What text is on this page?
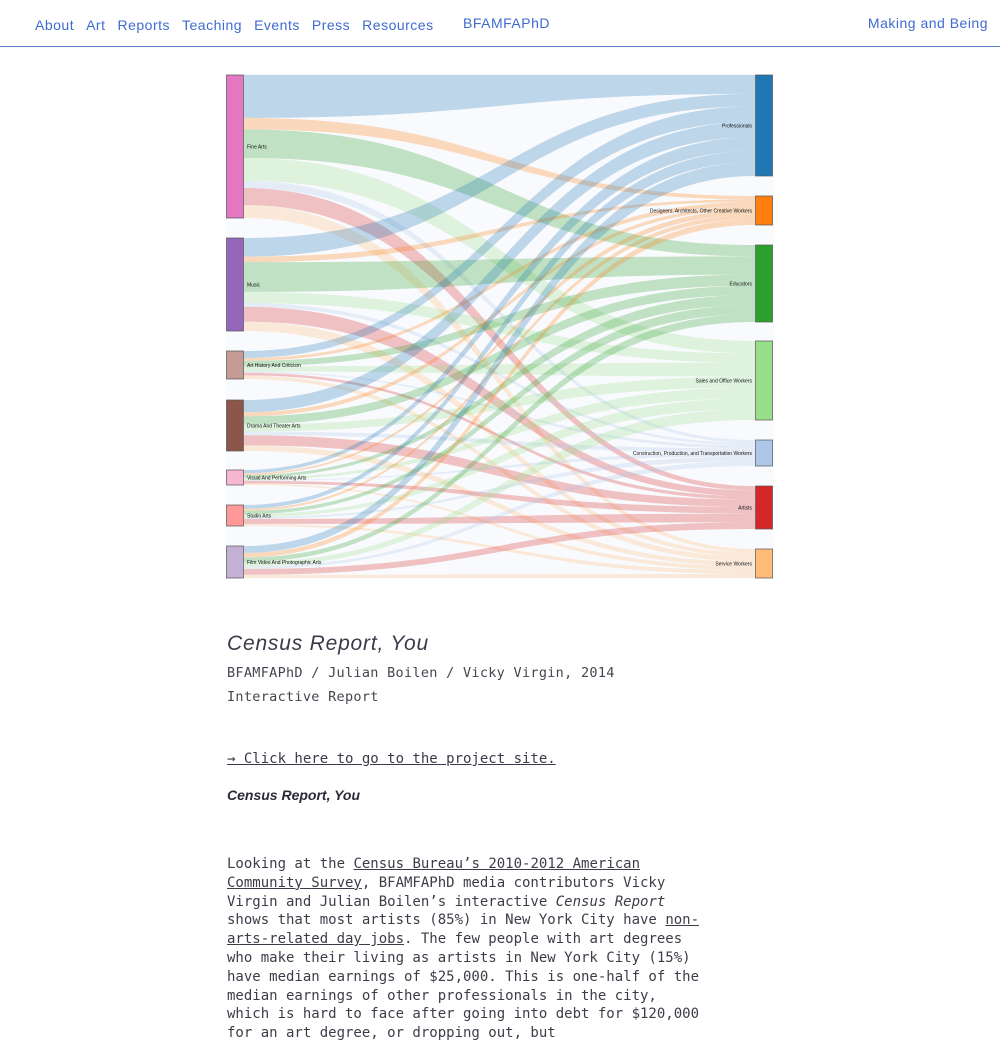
About Art Reports Teaching Events Press Resources	BFAMFAPhD	Making and Being
Fine Arts
Music
Art History And Criticism
Drama And Theater Arts
Visual And Performing Arts
Studio Arts
Film Video And Photographic Arts
Professionals
Designers, Architects, Other Creative Workers
Educators
Sales and Office Workers
Construction, Production, and Transportation Workers
Artists
Service Workers
Census Report, You
BFAMFAPhD / Julian Boilen / Vicky Virgin, 2014
Interactive Report
→ Click here to go to the project site.
Census Report, You
Looking at the Census Bureau’s 2010-2012 American Community Survey, BFAMFAPhD media contributors Vicky Virgin and Julian Boilen’s interactive Census Report shows that most artists (85%) in New York City have non-arts-related day jobs. The few people with art degrees who make their living as artists in New York City (15%) have median earnings of $25,000. This is one-half of the median earnings of other professionals in the city, which is hard to face after going into debt for $120,000 for an art degree, or dropping out, but
